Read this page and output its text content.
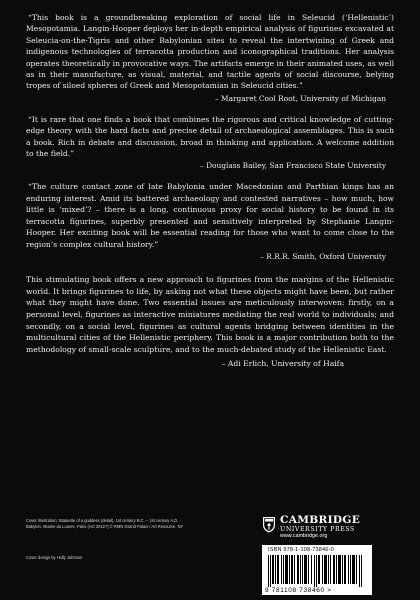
“This book is a groundbreaking exploration of social life in Seleucid (‘Hellenistic’) Mesopotamia. Langin-Hooper deploys her in-depth empirical analysis of figurines excavated at Seleucia-on-the-Tigris and other Babylonian sites to reveal the intertwining of Greek and indigenous technologies of terracotta production and iconographical traditions. Her analysis operates theoretically in provocative ways. The artifacts emerge in their animated uses, as well as in their manufacture, as visual, material, and tactile agents of social discourse, belying tropes of siloed spheres of Greek and Mesopotamian in Seleucid cities.”

– Margaret Cool Root, University of Michigan

“It is rare that one finds a book that combines the rigorous and critical knowledge of cutting-edge theory with the hard facts and precise detail of archaeological assemblages. This is such a book. Rich in debate and discussion, broad in thinking and application. A welcome addition to the field.”

– Douglass Bailey, San Francisco State University

“The culture contact zone of late Babylonia under Macedonian and Parthian kings has an enduring interest. Amid its battered archaeology and contested narratives – how much, how little is ‘mixed’? – there is a long, continuous proxy for social history to be found in its terracotta figurines, superbly presented and sensitively interpreted by Stephanie Langin-Hooper. Her exciting book will be essential reading for those who want to come close to the region’s complex cultural history.”

– R.R.R. Smith, Oxford University

This stimulating book offers a new approach to figurines from the margins of the Hellenistic world. It brings figurines to life, by asking not what these objects might have been, but rather what they might have done. Two essential issues are meticulously interwoven: firstly, on a personal level, figurines as interactive miniatures mediating the real world to individuals; and secondly, on a social level, figurines as cultural agents bridging between identities in the multicultural cities of the Hellenistic periphery. This book is a major contribution both to the methodology of small-scale sculpture, and to the much-debated study of the Hellenistic East.

– Adi Erlich, University of Haifa
Cover illustration: Statuette of a goddess (detail), 1st century B.C. – 1st century A.D. Babylon. Musée du Louvre, Paris (AO 20127) © RMN-Grand Palais / Art Resource, NY
Cover design by Holly Johnson
CAMBRIDGE
UNIVERSITY PRESS
www.cambridge.org
ISBN 978-1-108-73846-0
9 781108 738460 >
